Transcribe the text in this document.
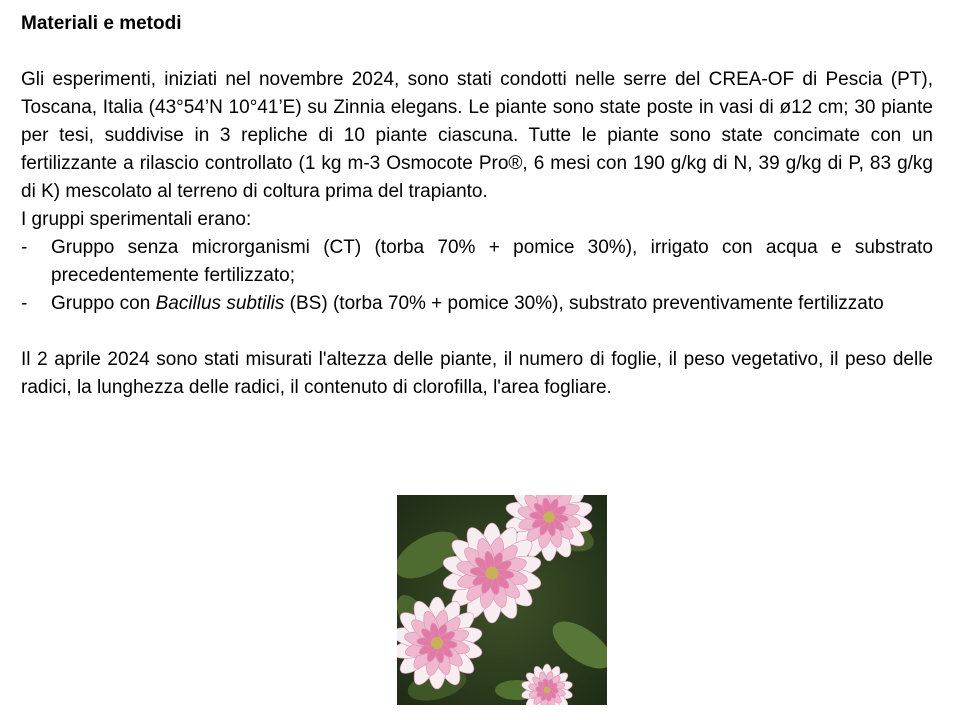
Materiali e metodi

Gli esperimenti, iniziati nel novembre 2024, sono stati condotti nelle serre del CREA-OF di Pescia (PT), Toscana, Italia (43°54’N 10°41’E) su Zinnia elegans. Le piante sono state poste in vasi di ø12 cm; 30 piante per tesi, suddivise in 3 repliche di 10 piante ciascuna. Tutte le piante sono state concimate con un fertilizzante a rilascio controllato (1 kg m-3 Osmocote Pro®, 6 mesi con 190 g/kg di N, 39 g/kg di P, 83 g/kg di K) mescolato al terreno di coltura prima del trapianto.

I gruppi sperimentali erano:

- Gruppo senza microrganismi (CT) (torba 70% + pomice 30%), irrigato con acqua e substrato precedentemente fertilizzato;
- Gruppo con Bacillus subtilis (BS) (torba 70% + pomice 30%), substrato preventivamente fertilizzato

Il 2 aprile 2024 sono stati misurati l'altezza delle piante, il numero di foglie, il peso vegetativo, il peso delle radici, la lunghezza delle radici, il contenuto di clorofilla, l'area fogliare.
